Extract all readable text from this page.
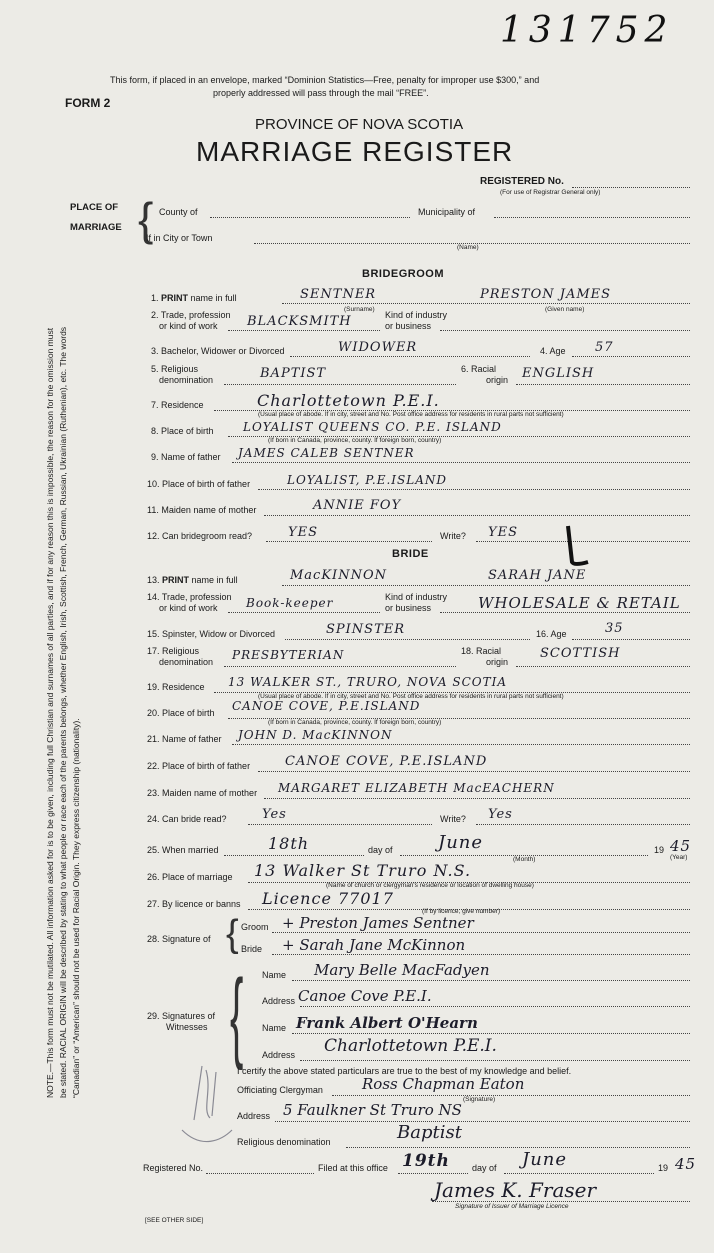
131752
This form, if placed in an envelope, marked “Dominion Statistics—Free, penalty for improper use $300,” and
properly addressed will pass through the mail “FREE”.
FORM 2
PROVINCE OF NOVA SCOTIA
MARRIAGE REGISTER
REGISTERED No.
(For use of Registrar General only)
PLACE OF
MARRIAGE { County of	Municipality of
If in City or Town
(Name)
NOTE.—This form must not be mutilated. All information asked for is to be given, including full Christian and surnames of all parties, and if for any reason this is impossible, the reason for the omission must be stated. RACIAL ORIGIN will be described by stating to what people or race each of the parents belongs, whether English, Irish, Scottish, French, German, Russian, Ukrainian (Ruthenian), etc. The words “Canadian” or “American” should not be used for Racial Origin. They express citizenship (nationality).
BRIDEGROOM
1. PRINT name in full	SENTNER	PRESTON JAMES
(Surname)	(Given name)
2. Trade, profession
or kind of work BLACKSMITH	Kind of industry
or business
3. Bachelor, Widower or Divorced	WIDOWER	4. Age 57
5. Religious
denomination	BAPTIST	6. Racial
origin ENGLISH
7. Residence	Charlottetown P.E.I.
(Usual place of abode. If in city, street and No. Post office address for residents in rural parts not sufficient)
8. Place of birth LOYALIST QUEENS CO. P.E. ISLAND
(If born in Canada, province, county. If foreign born, country)
9. Name of father JAMES CALEB SENTNER
10. Place of birth of father	LOYALIST, P.E.ISLAND
11. Maiden name of mother	ANNIE FOY
12. Can bridegroom read?	YES	Write? YES
BRIDE
13. PRINT name in full	MacKINNON	SARAH JANE
14. Trade, profession
or kind of work Book-keeper	Kind of industry
or business	WHOLESALE & RETAIL
15. Spinster, Widow or Divorced	SPINSTER	16. Age	35
17. Religious
denomination PRESBYTERIAN	18. Racial
origin
SCOTTISH
19. Residence 13 WALKER ST., TRURO, NOVA SCOTIA
(Usual place of abode. If in city, street and No. Post office address for residents in rural parts not sufficient)
20. Place of birth CANOE COVE, P.E.ISLAND
(If born in Canada, province, county. If foreign born, country)
21. Name of father JOHN D. MacKINNON
22. Place of birth of father	CANOE COVE, P.E.ISLAND
23. Maiden name of mother MARGARET ELIZABETH MacEACHERN
24. Can bride read?	Yes	Write? Yes
25. When married	18th	day of	June	19 45
(Month)	(Year)
26. Place of marriage 13 Walker St Truro N.S.
(Name of church or clergyman's residence or location of dwelling house)
27. By licence or banns Licence 77017
(If by licence, give number)
28. Signature of { Groom + Preston James Sentner
Bride + Sarah Jane McKinnon
29. Signatures of
Witnesses { Name Mary Belle MacFadyen
Address Canoe Cove P.E.I.
Name Frank Albert O'Hearn
Address Charlottetown P.E.I.
I certify the above stated particulars are true to the best of my knowledge and belief.
Officiating Clergyman	Ross Chapman Eaton
(Signature)
Address 5 Faulkner St Truro NS
Religious denomination	Baptist
Registered No.	Filed at this office 19th day of June	19 45
James K. Fraser
Signature of Issuer of Marriage Licence
[SEE OTHER SIDE]
